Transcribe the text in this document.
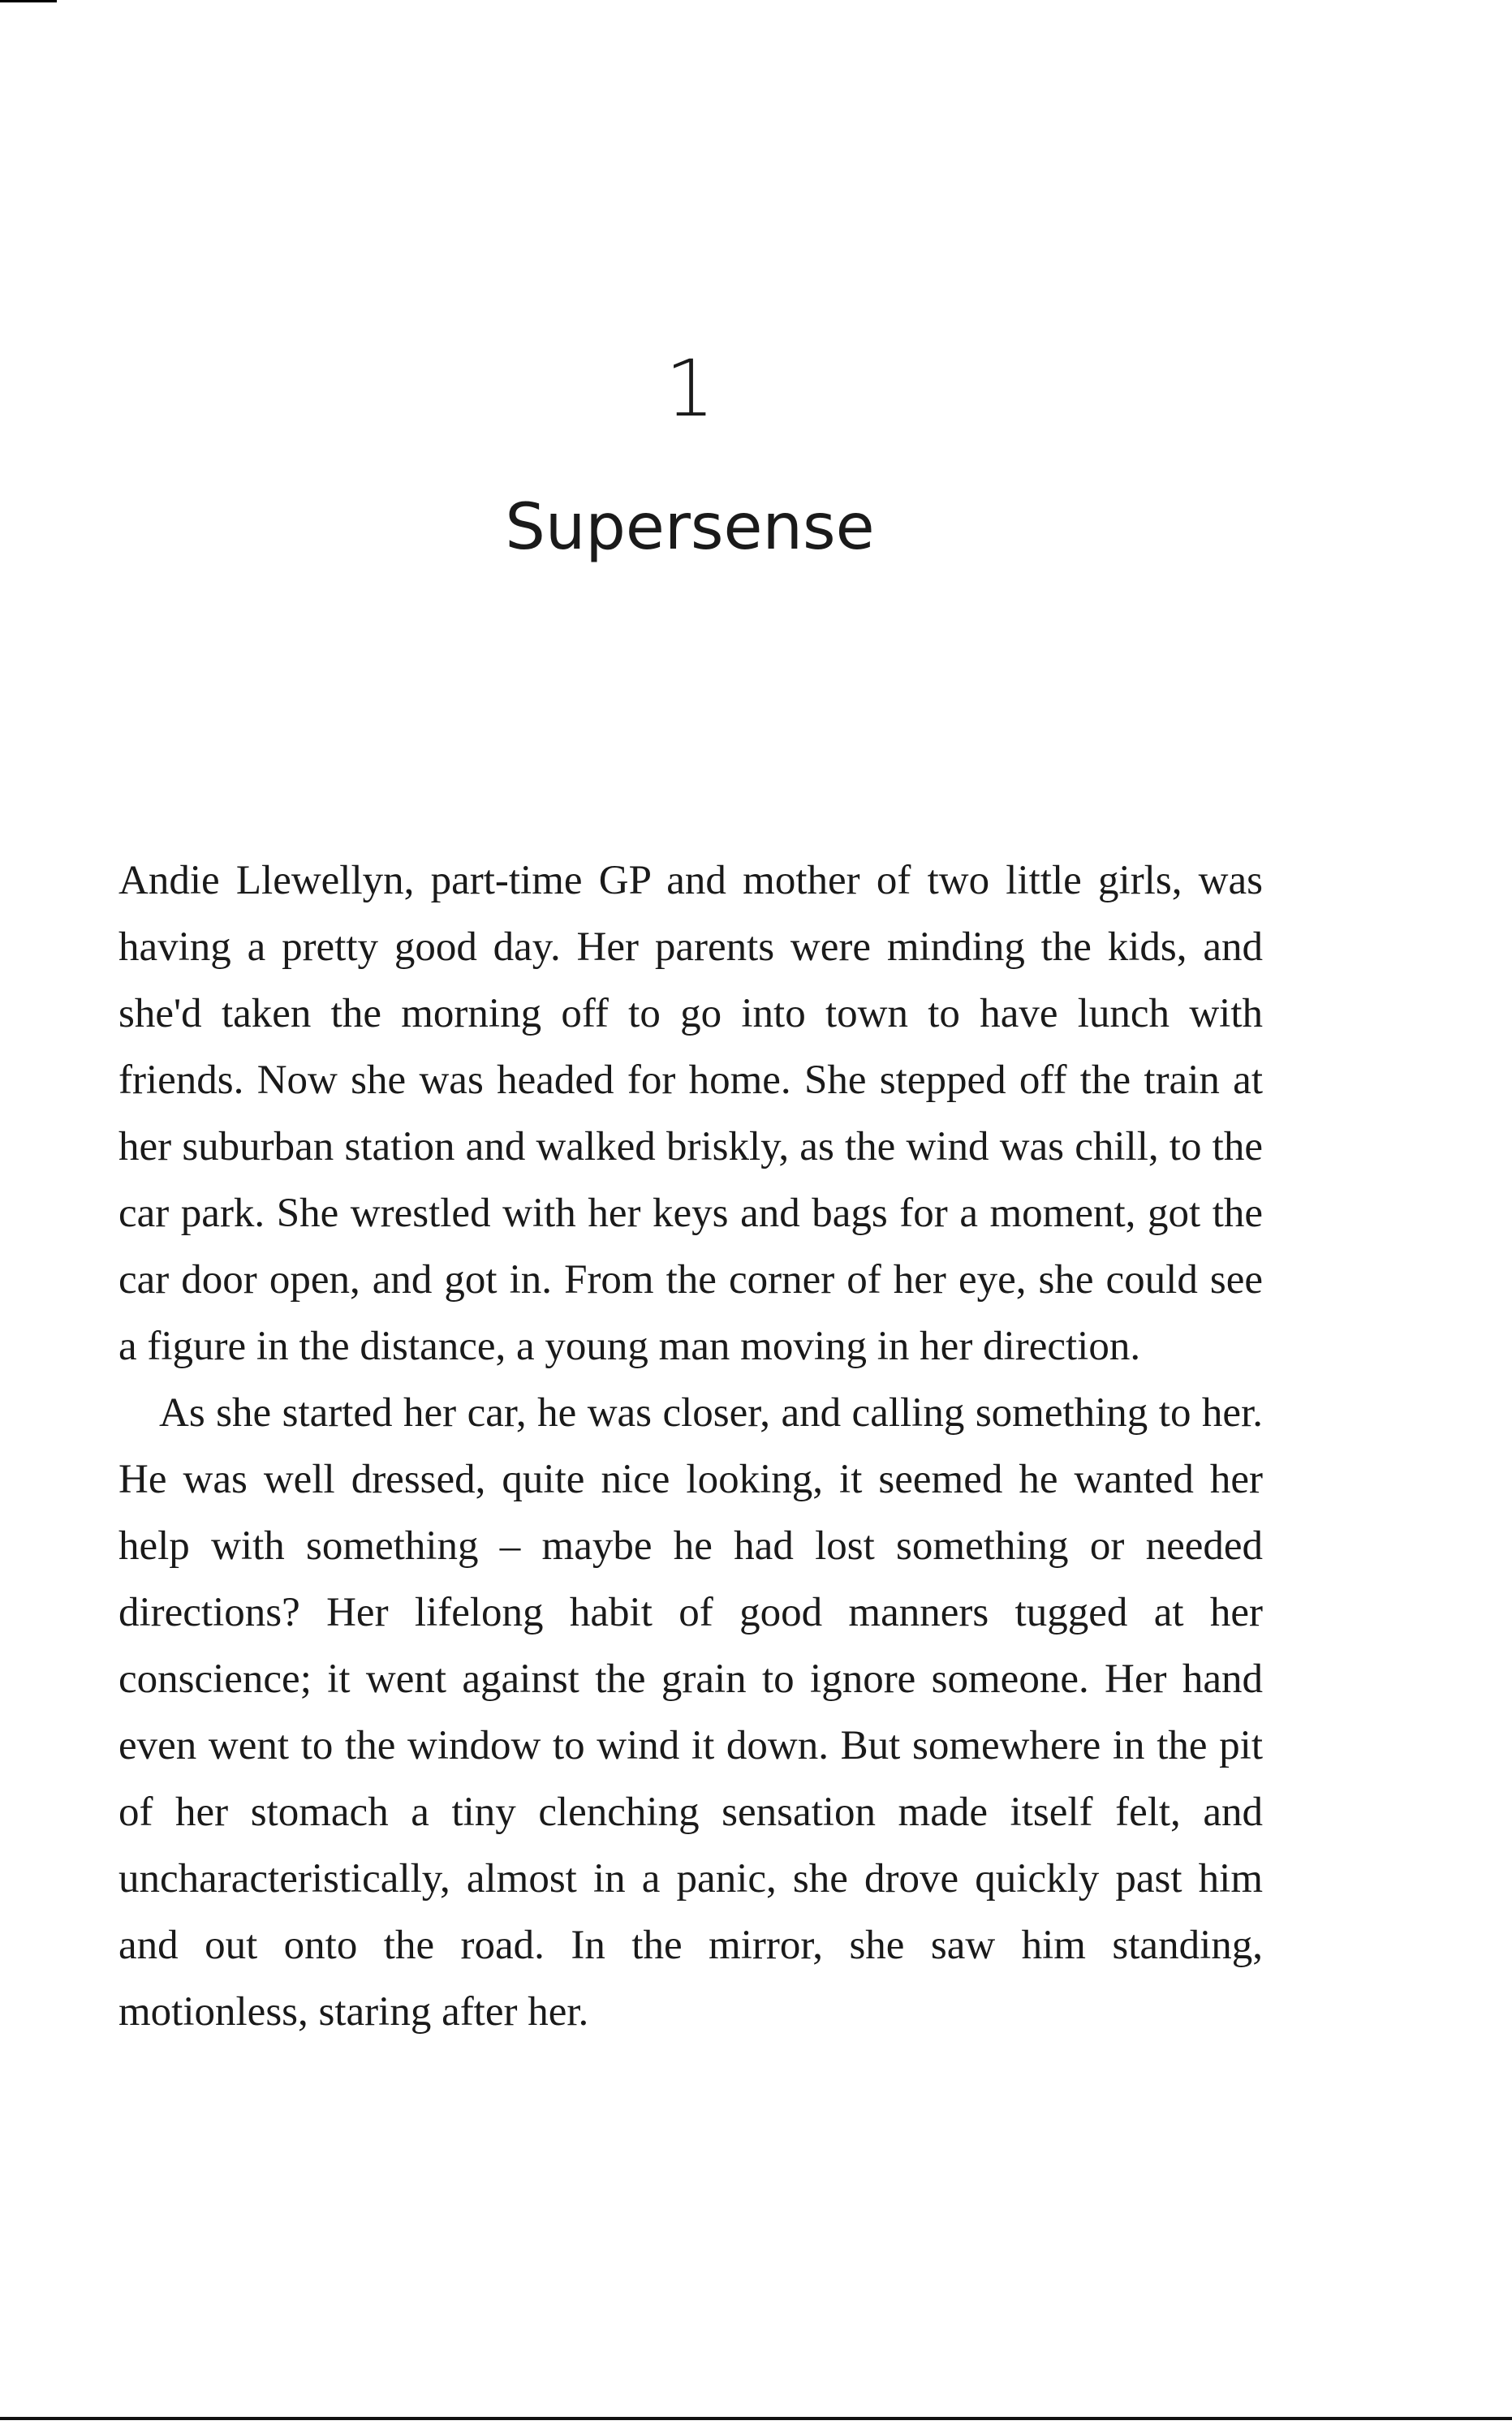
1
Supersense

Andie Llewellyn, part-time GP and mother of two little girls, was having a pretty good day. Her parents were minding the kids, and she'd taken the morning off to go into town to have lunch with friends. Now she was headed for home. She stepped off the train at her suburban station and walked briskly, as the wind was chill, to the car park. She wrestled with her keys and bags for a moment, got the car door open, and got in. From the corner of her eye, she could see a figure in the distance, a young man moving in her direction.

As she started her car, he was closer, and calling something to her. He was well dressed, quite nice looking, it seemed he wanted her help with something – maybe he had lost something or needed directions? Her lifelong habit of good manners tugged at her conscience; it went against the grain to ignore someone. Her hand even went to the window to wind it down. But somewhere in the pit of her stomach a tiny clenching sensation made itself felt, and uncharacteristically, almost in a panic, she drove quickly past him and out onto the road. In the mirror, she saw him standing, motionless, staring after her.
